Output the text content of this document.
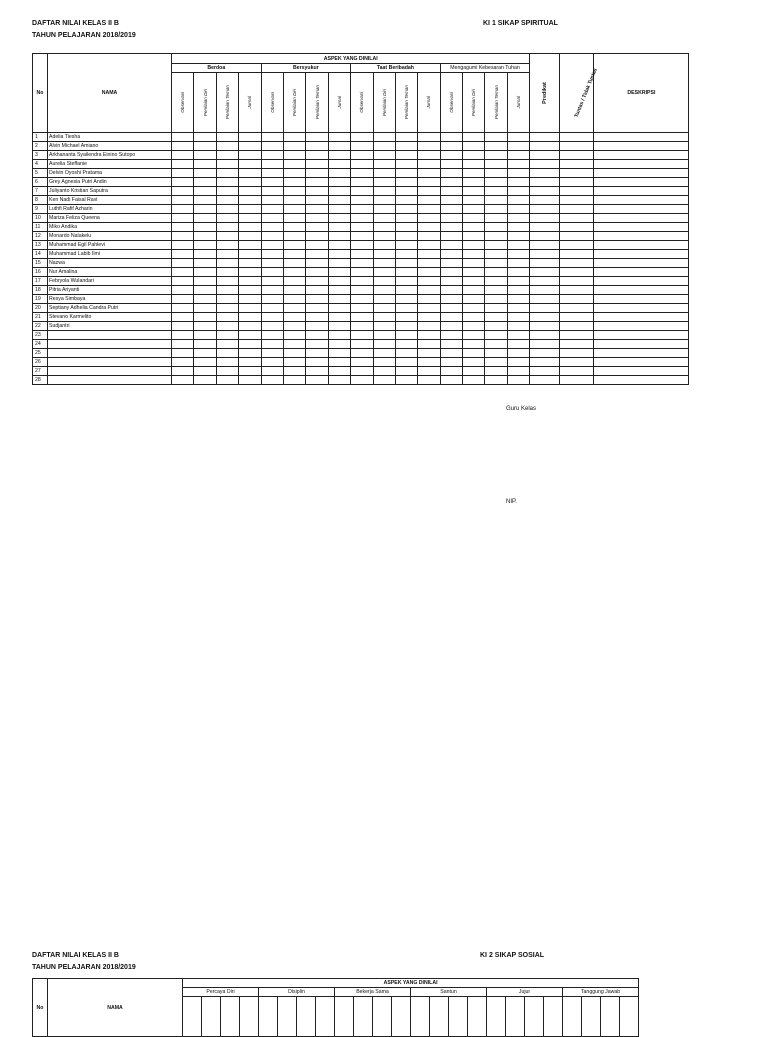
DAFTAR NILAI KELAS II B
TAHUN PELAJARAN 2018/2019
KI 1 SIKAP SPIRITUAL
No	NAMA	ASPEK YANG DINILAI																Predikat	Tuntas / Tidak Tuntas	DESKRIPSI
		Berdoa				Bersyukur				Taat Beribadah				Mengagumi Kebesaran Tuhan						

		Observasi	Penilaian Diri	Penilaian Teman	Jurnal	Observasi	Penilaian Diri	Penilaian Teman	Jurnal	Observasi	Penilaian Diri	Penilaian Teman	Jurnal	Observasi	Penilaian Diri	Penilaian Teman	Jurnal			

1	Adelia Tiesha																			
2	Alvin Michael Amiano																			
3	Arkhananta Syailendra Einino Sutopo																			
4	Aurelia Steffanie																			
5	Delvin Oyoshi Pratama																			
6	Grey Agnesia Putri Andin																			
7	Juliyanto Kristian Saputra																			
8	Ken Nadi Faisal Ravi																			
9	Luthfi Rafif Azharin																			
10	Mariza Feliza Queena																			
11	Miko Andika																			
12	Monardo Nalakelu																			
13	Muhammad Egil Pahlevi																			
14	Muhammad Labib Ilmi																			
15	Nazwa																			
16	Nur Amalina																			
17	Febryola Wulandari																			
18	Pitria Ariyanti																			
19	Resya Simbaya																			
20	Septiany Adhelia Candra Putri																			
21	Stevano Karmelito																			
22	Sudjantri																			
23																				
24																				
25																				
26																				
27																				
28																				
Guru Kelas
NIP.
DAFTAR NILAI KELAS II B
TAHUN PELAJARAN 2018/2019
KI 2 SIKAP SOSIAL
No	NAMA	ASPEK YANG DINILAI																							
		Percaya Diri				Disiplin				Bekerja Sama				Santun				Jujur				Tanggung Jawab			
